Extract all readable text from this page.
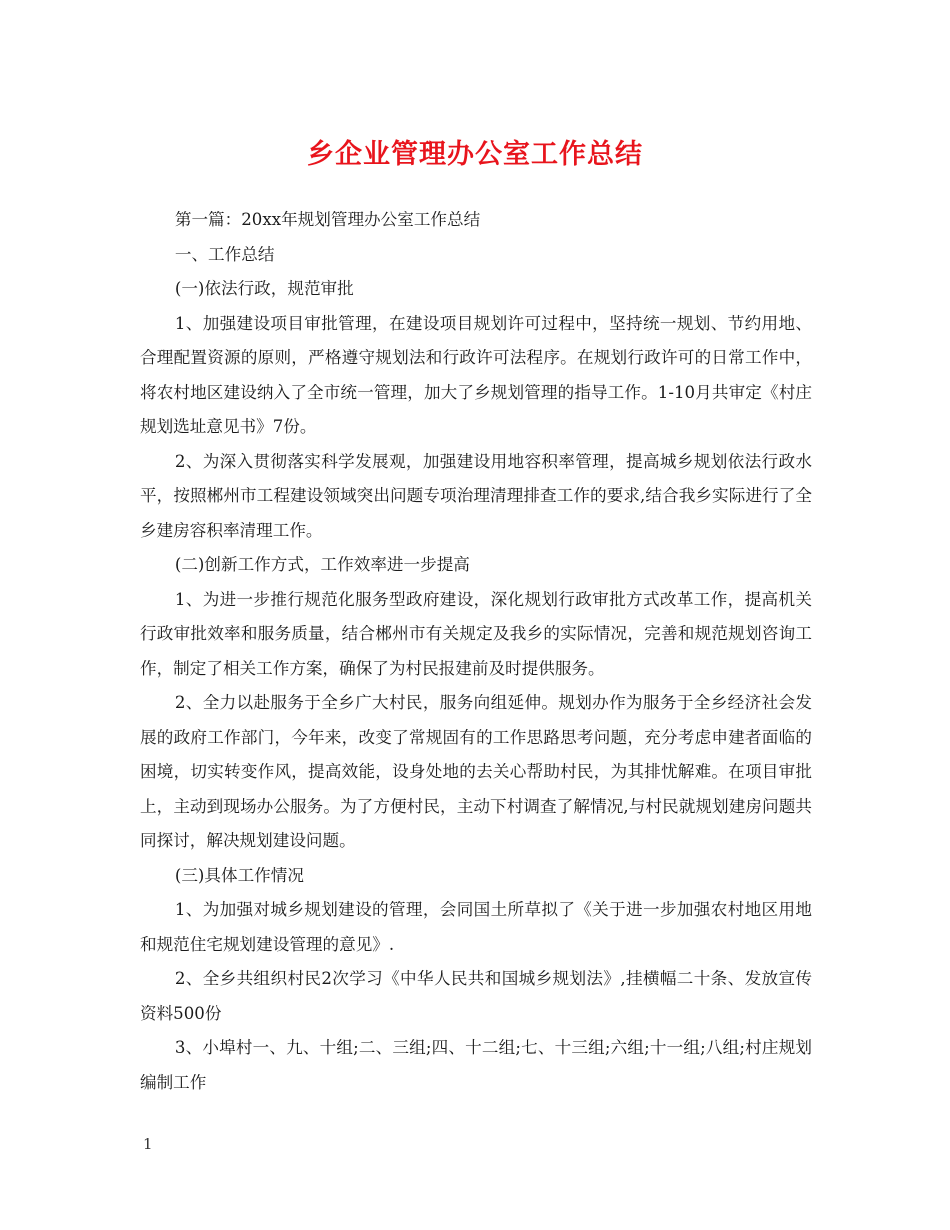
乡企业管理办公室工作总结

第一篇：20xx年规划管理办公室工作总结

一、工作总结

(一)依法行政，规范审批

1、加强建设项目审批管理，在建设项目规划许可过程中，坚持统一规划、节约用地、合理配置资源的原则，严格遵守规划法和行政许可法程序。在规划行政许可的日常工作中，将农村地区建设纳入了全市统一管理，加大了乡规划管理的指导工作。1-10月共审定《村庄规划选址意见书》7份。

2、为深入贯彻落实科学发展观，加强建设用地容积率管理，提高城乡规划依法行政水平，按照郴州市工程建设领域突出问题专项治理清理排查工作的要求,结合我乡实际进行了全乡建房容积率清理工作。

(二)创新工作方式，工作效率进一步提高

1、为进一步推行规范化服务型政府建设，深化规划行政审批方式改革工作，提高机关行政审批效率和服务质量，结合郴州市有关规定及我乡的实际情况，完善和规范规划咨询工作，制定了相关工作方案，确保了为村民报建前及时提供服务。

2、全力以赴服务于全乡广大村民，服务向组延伸。规划办作为服务于全乡经济社会发展的政府工作部门，今年来，改变了常规固有的工作思路思考问题，充分考虑申建者面临的困境，切实转变作风，提高效能，设身处地的去关心帮助村民，为其排忧解难。在项目审批上，主动到现场办公服务。为了方便村民，主动下村调查了解情况,与村民就规划建房问题共同探讨，解决规划建设问题。

(三)具体工作情况

1、为加强对城乡规划建设的管理，会同国土所草拟了《关于进一步加强农村地区用地和规范住宅规划建设管理的意见》.

2、全乡共组织村民2次学习《中华人民共和国城乡规划法》,挂横幅二十条、发放宣传资料500份

3、小埠村一、九、十组;二、三组;四、十二组;七、十三组;六组;十一组;八组;村庄规划编制工作

1
